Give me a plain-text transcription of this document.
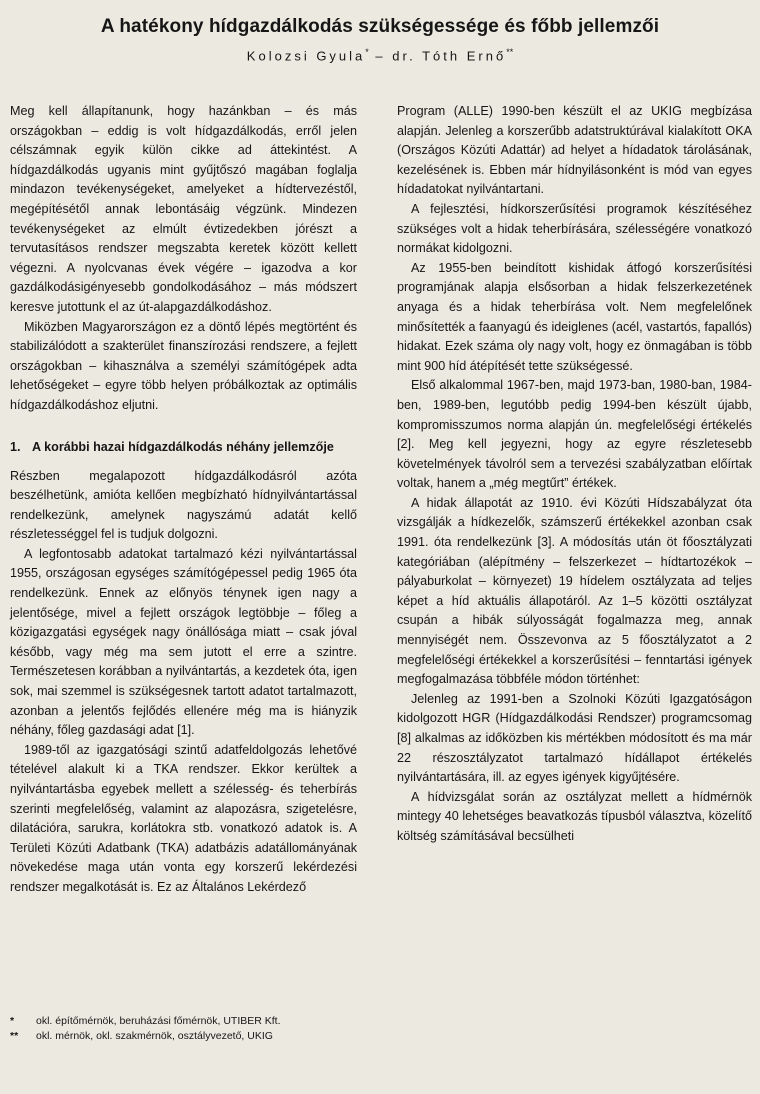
A hatékony hídgazdálkodás szükségessége és főbb jellemzői
Kolozsi Gyula* – dr. Tóth Ernő**

Meg kell állapítanunk, hogy hazánkban – és más országokban – eddig is volt hídgazdálkodás, erről jelen célszámnak egyik külön cikke ad áttekintést. A hídgazdálkodás ugyanis mint gyűjtőszó magában foglalja mindazon tevékenységeket, amelyeket a hídtervezéstől, megépítésétől annak lebontásáig végzünk. Mindezen tevékenységeket az elmúlt évtizedekben jórészt a tervutasításos rendszer megszabta keretek között kellett végezni. A nyolcvanas évek végére – igazodva a kor gazdálkodásigényesebb gondolkodásához – más módszert keresve jutottunk el az út-alapgazdálkodáshoz.

Miközben Magyarországon ez a döntő lépés megtörtént és stabilizálódott a szakterület finanszírozási rendszere, a fejlett országokban – kihasználva a személyi számítógépek adta lehetőségeket – egyre több helyen próbálkoztak az optimális hídgazdálkodáshoz eljutni.

1. A korábbi hazai hídgazdálkodás néhány jellemzője

Részben megalapozott hídgazdálkodásról azóta beszélhetünk, amióta kellően megbízható hídnyilvántartással rendelkezünk, amelynek nagyszámú adatát kellő részletességgel fel is tudjuk dolgozni.

A legfontosabb adatokat tartalmazó kézi nyilvántartással 1955, országosan egységes számítógépessel pedig 1965 óta rendelkezünk. Ennek az előnyös ténynek igen nagy a jelentősége, mivel a fejlett országok legtöbbje – főleg a közigazgatási egységek nagy önállósága miatt – csak jóval később, vagy még ma sem jutott el erre a szintre. Természetesen korábban a nyilvántartás, a kezdetek óta, igen sok, mai szemmel is szükségesnek tartott adatot tartalmazott, azonban a jelentős fejlődés ellenére még ma is hiányzik néhány, főleg gazdasági adat [1].

1989-től az igazgatósági szintű adatfeldolgozás lehetővé tételével alakult ki a TKA rendszer. Ekkor kerültek a nyilvántartásba egyebek mellett a szélesség- és teherbírás szerinti megfelelőség, valamint az alapozásra, szigetelésre, dilatációra, sarukra, korlátokra stb. vonatkozó adatok is. A Területi Közúti Adatbank (TKA) adatbázis adatállományának növekedése maga után vonta egy korszerű lekérdezési rendszer megalkotását is. Ez az Általános Lekérdező

Program (ALLE) 1990-ben készült el az UKIG megbízása alapján. Jelenleg a korszerűbb adatstruktúrával kialakított OKA (Országos Közúti Adattár) ad helyet a hídadatok tárolásának, kezelésének is. Ebben már hídnyilásonként is mód van egyes hídadatokat nyilvántartani.

A fejlesztési, hídkorszerűsítési programok készítéséhez szükséges volt a hidak teherbírására, szélességére vonatkozó normákat kidolgozni.

Az 1955-ben beindított kishidak átfogó korszerűsítési programjának alapja elsősorban a hidak felszerkezetének anyaga és a hidak teherbírása volt. Nem megfelelőnek minősítették a faanyagú és ideiglenes (acél, vastartós, fapallós) hidakat. Ezek száma oly nagy volt, hogy ez önmagában is több mint 900 híd átépítését tette szükségessé.

Első alkalommal 1967-ben, majd 1973-ban, 1980-ban, 1984-ben, 1989-ben, legutóbb pedig 1994-ben készült újabb, kompromisszumos norma alapján ún. megfelelőségi értékelés [2]. Meg kell jegyezni, hogy az egyre részletesebb követelmények távolról sem a tervezési szabályzatban előírtak voltak, hanem a „még megtűrt” értékek.

A hidak állapotát az 1910. évi Közúti Hídszabályzat óta vizsgálják a hídkezelők, számszerű értékekkel azonban csak 1991. óta rendelkezünk [3]. A módosítás után öt főosztályzati kategóriában (alépítmény – felszerkezet – hídtartozékok – pályaburkolat – környezet) 19 hídelem osztályzata ad teljes képet a híd aktuális állapotáról. Az 1–5 közötti osztályzat csupán a hibák súlyosságát fogalmazza meg, annak mennyiségét nem. Összevonva az 5 főosztályzatot a 2 megfelelőségi értékekkel a korszerűsítési – fenntartási igények megfogalmazása többféle módon történhet:

Jelenleg az 1991-ben a Szolnoki Közúti Igazgatóságon kidolgozott HGR (Hídgazdálkodási Rendszer) programcsomag [8] alkalmas az időközben kis mértékben módosított és ma már 22 részosztályzatot tartalmazó hídállapot értékelés nyilvántartására, ill. az egyes igények kigyűjtésére.

A hídvizsgálat során az osztályzat mellett a hídmérnök mintegy 40 lehetséges beavatkozás típusból választva, közelítő költség számításával becsülheti

*	okl. építőmérnök, beruházási főmérnök, UTIBER Kft.
**	okl. mérnök, okl. szakmérnök, osztályvezető, UKIG
